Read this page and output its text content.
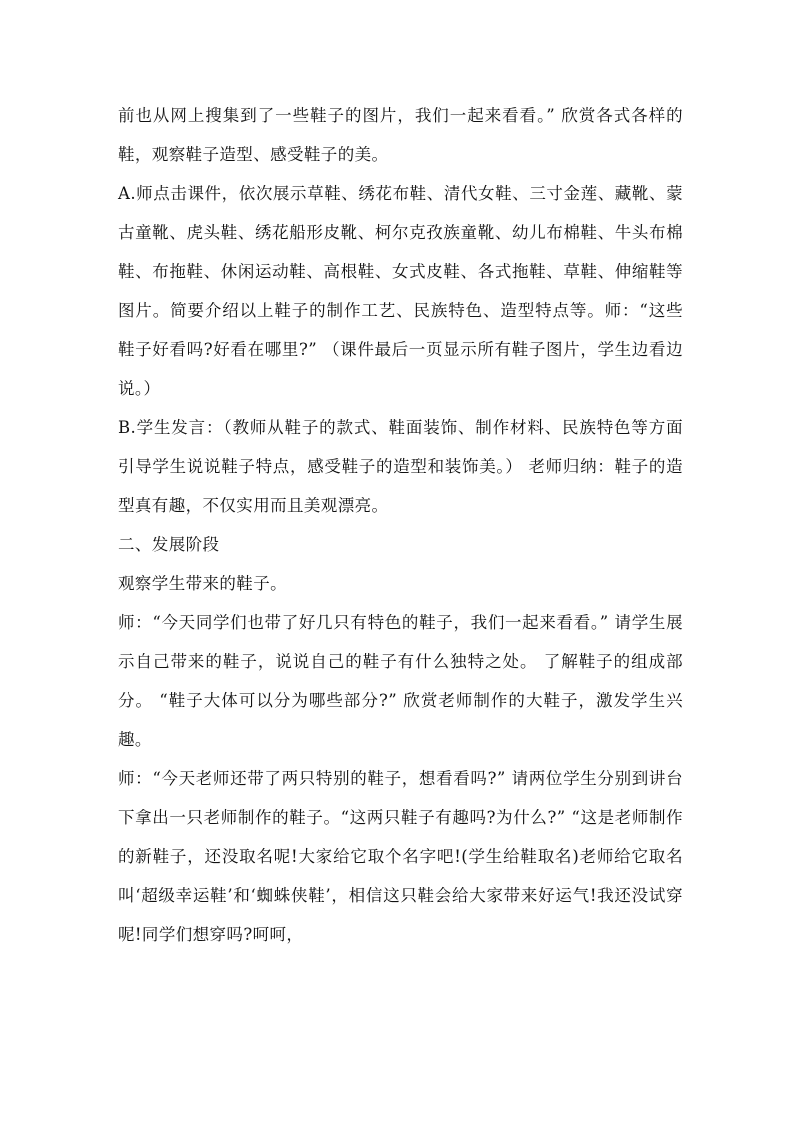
前也从网上搜集到了一些鞋子的图片，我们一起来看看。” 欣赏各式各样的鞋，观察鞋子造型、感受鞋子的美。

A.师点击课件，依次展示草鞋、绣花布鞋、清代女鞋、三寸金莲、藏靴、蒙古童靴、虎头鞋、绣花船形皮靴、柯尔克孜族童靴、幼儿布棉鞋、牛头布棉鞋、布拖鞋、休闲运动鞋、高根鞋、女式皮鞋、各式拖鞋、草鞋、伸缩鞋等图片。简要介绍以上鞋子的制作工艺、民族特色、造型特点等。师：“这些鞋子好看吗?好看在哪里?” （课件最后一页显示所有鞋子图片，学生边看边说。）

B.学生发言：（教师从鞋子的款式、鞋面装饰、制作材料、民族特色等方面引导学生说说鞋子特点，感受鞋子的造型和装饰美。） 老师归纳：鞋子的造型真有趣，不仅实用而且美观漂亮。

二、发展阶段

观察学生带来的鞋子。

师：“今天同学们也带了好几只有特色的鞋子，我们一起来看看。” 请学生展示自己带来的鞋子，说说自己的鞋子有什么独特之处。 了解鞋子的组成部分。 “鞋子大体可以分为哪些部分?” 欣赏老师制作的大鞋子，激发学生兴趣。

师：“今天老师还带了两只特别的鞋子，想看看吗?” 请两位学生分别到讲台下拿出一只老师制作的鞋子。“这两只鞋子有趣吗?为什么?” “这是老师制作的新鞋子，还没取名呢!大家给它取个名字吧!(学生给鞋取名)老师给它取名叫‘超级幸运鞋’和‘蜘蛛侠鞋’，相信这只鞋会给大家带来好运气!我还没试穿呢!同学们想穿吗?呵呵，
